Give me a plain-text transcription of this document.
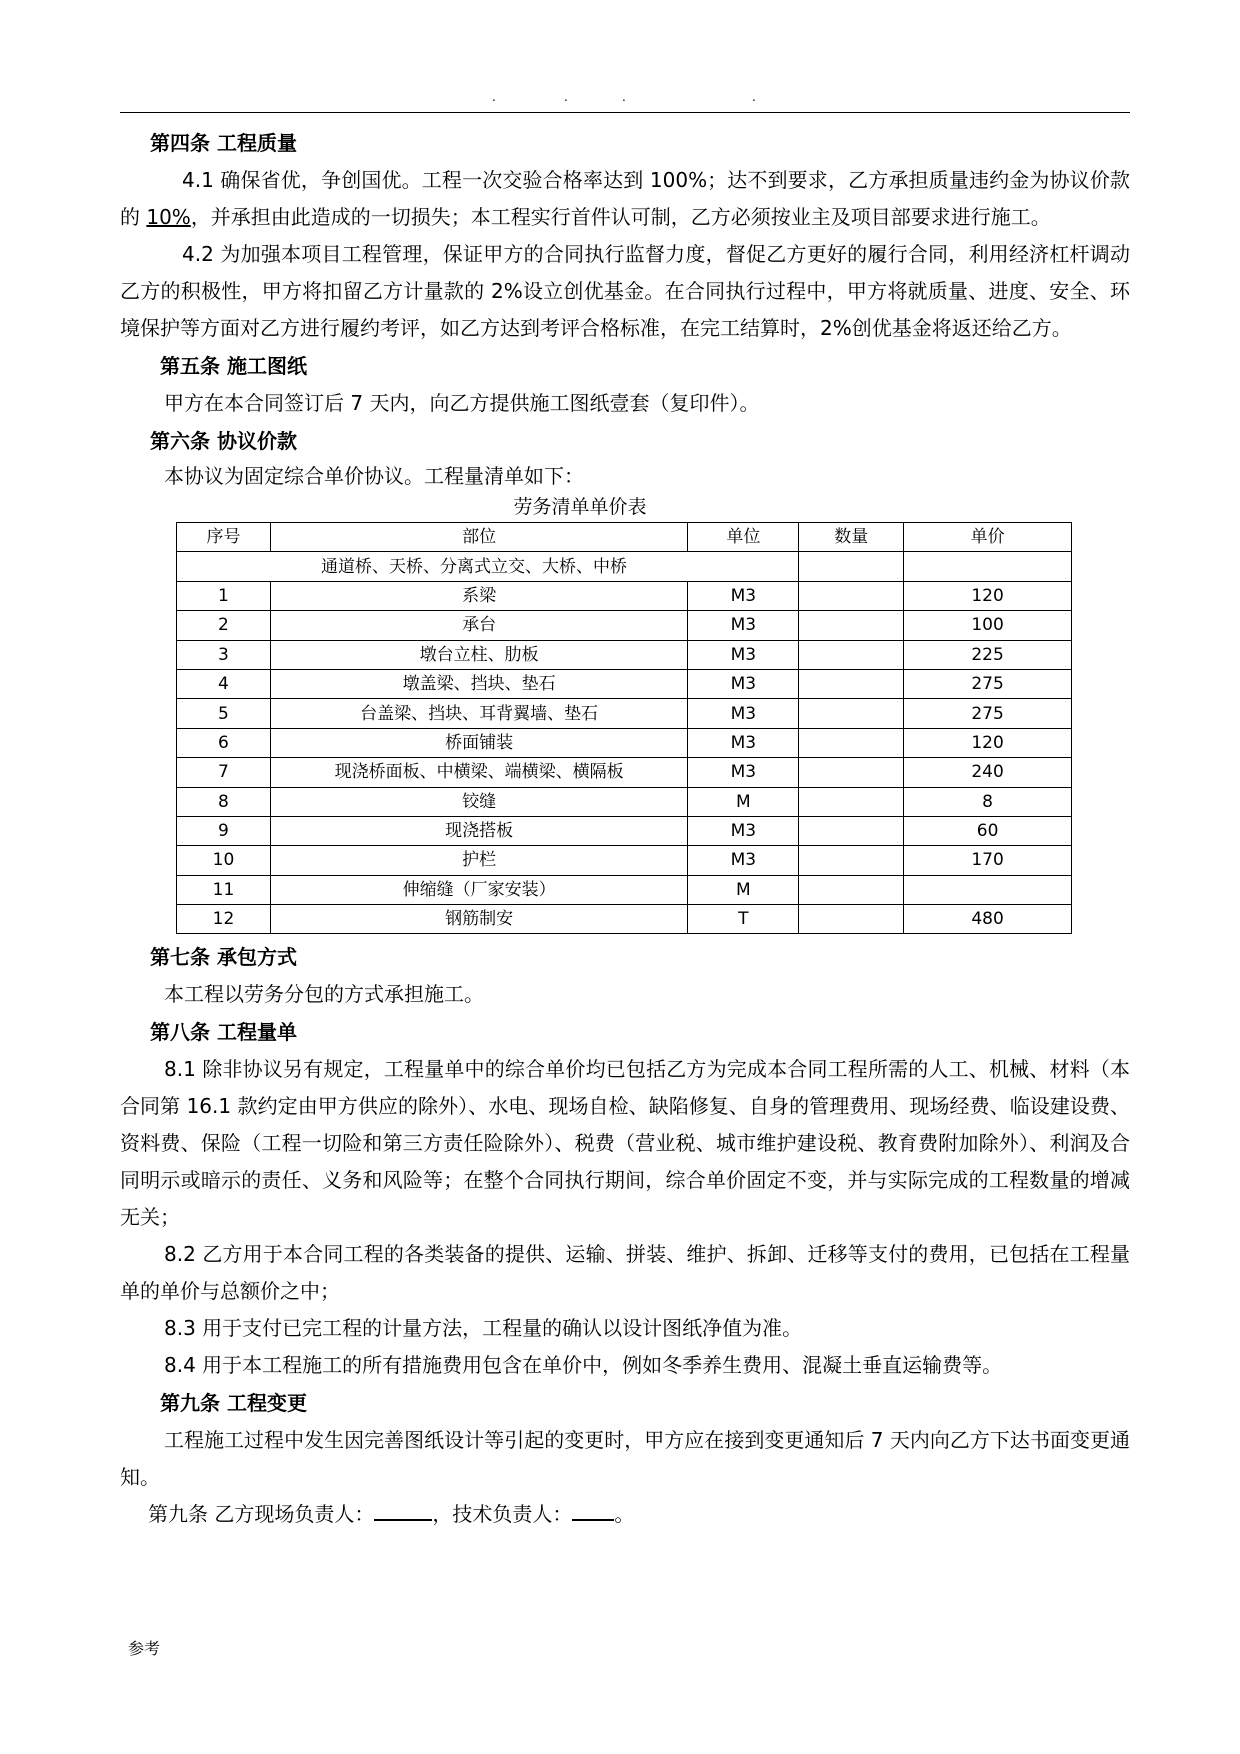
.	.	.	.
第四条 工程质量

4.1 确保省优，争创国优。工程一次交验合格率达到 100%；达不到要求，乙方承担质量违约金为协议价款的 10%，并承担由此造成的一切损失；本工程实行首件认可制，乙方必须按业主及项目部要求进行施工。

4.2 为加强本项目工程管理，保证甲方的合同执行监督力度，督促乙方更好的履行合同，利用经济杠杆调动乙方的积极性，甲方将扣留乙方计量款的 2%设立创优基金。在合同执行过程中，甲方将就质量、进度、安全、环境保护等方面对乙方进行履约考评，如乙方达到考评合格标准，在完工结算时，2%创优基金将返还给乙方。

第五条 施工图纸

甲方在本合同签订后 7 天内，向乙方提供施工图纸壹套（复印件）。

第六条 协议价款

本协议为固定综合单价协议。工程量清单如下：

劳务清单单价表

序号	部位	单位	数量	单价
通道桥、天桥、分离式立交、大桥、中桥				
1	系梁	M3		120
2	承台	M3		100
3	墩台立柱、肋板	M3		225
4	墩盖梁、挡块、垫石	M3		275
5	台盖梁、挡块、耳背翼墙、垫石	M3		275
6	桥面铺装	M3		120
7	现浇桥面板、中横梁、端横梁、横隔板	M3		240
8	铰缝	M		8
9	现浇搭板	M3		60
10	护栏	M3		170
11	伸缩缝（厂家安装）	M		
12	钢筋制安	T		480
第七条 承包方式

本工程以劳务分包的方式承担施工。

第八条 工程量单

8.1 除非协议另有规定，工程量单中的综合单价均已包括乙方为完成本合同工程所需的人工、机械、材料（本合同第 16.1 款约定由甲方供应的除外）、水电、现场自检、缺陷修复、自身的管理费用、现场经费、临设建设费、资料费、保险（工程一切险和第三方责任险除外）、税费（营业税、城市维护建设税、教育费附加除外）、利润及合同明示或暗示的责任、义务和风险等；在整个合同执行期间，综合单价固定不变，并与实际完成的工程数量的增减无关；

8.2 乙方用于本合同工程的各类装备的提供、运输、拼装、维护、拆卸、迁移等支付的费用，已包括在工程量单的单价与总额价之中；

8.3 用于支付已完工程的计量方法，工程量的确认以设计图纸净值为准。

8.4 用于本工程施工的所有措施费用包含在单价中，例如冬季养生费用、混凝土垂直运输费等。

第九条 工程变更

工程施工过程中发生因完善图纸设计等引起的变更时，甲方应在接到变更通知后 7 天内向乙方下达书面变更通知。

第九条 乙方现场负责人：	，技术负责人： 。

参考
